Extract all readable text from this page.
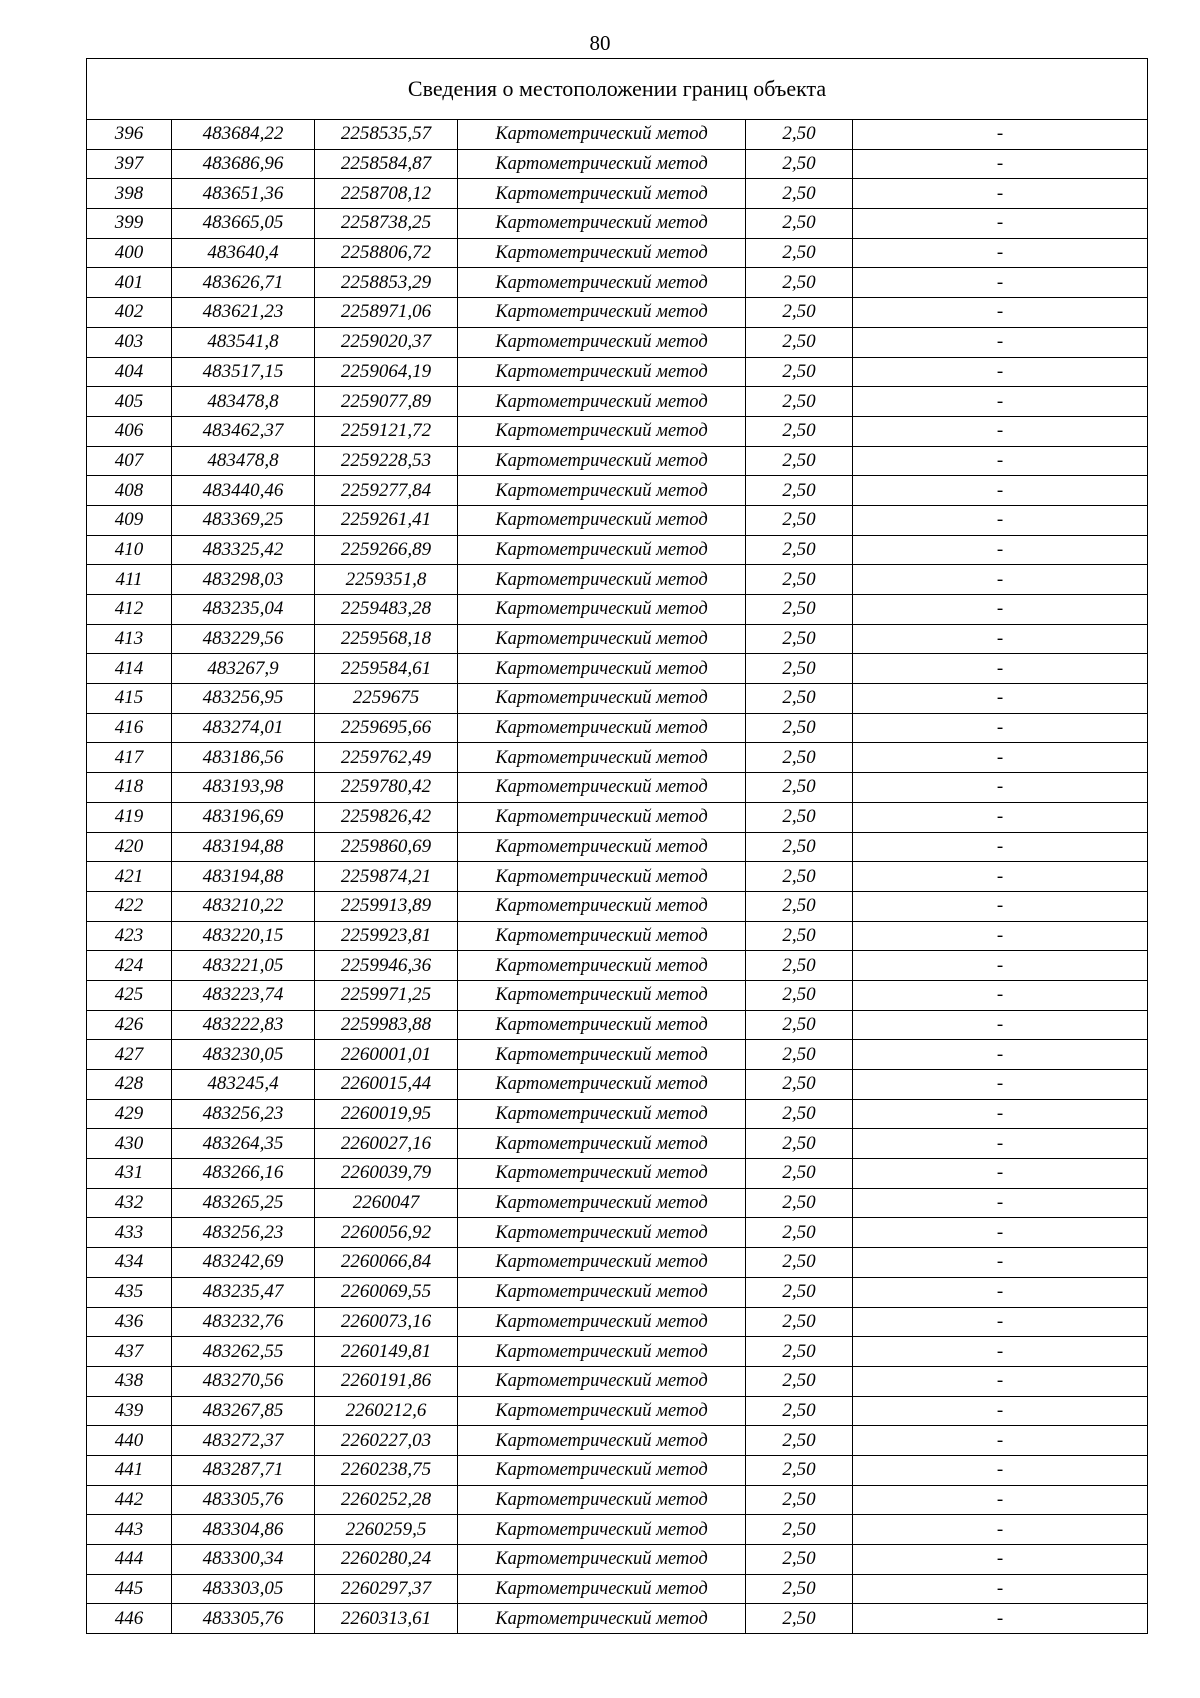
80
Сведения о местоположении границ объекта					
396	483684,22	2258535,57	Картометрический метод	2,50	-
397	483686,96	2258584,87	Картометрический метод	2,50	-
398	483651,36	2258708,12	Картометрический метод	2,50	-
399	483665,05	2258738,25	Картометрический метод	2,50	-
400	483640,4	2258806,72	Картометрический метод	2,50	-
401	483626,71	2258853,29	Картометрический метод	2,50	-
402	483621,23	2258971,06	Картометрический метод	2,50	-
403	483541,8	2259020,37	Картометрический метод	2,50	-
404	483517,15	2259064,19	Картометрический метод	2,50	-
405	483478,8	2259077,89	Картометрический метод	2,50	-
406	483462,37	2259121,72	Картометрический метод	2,50	-
407	483478,8	2259228,53	Картометрический метод	2,50	-
408	483440,46	2259277,84	Картометрический метод	2,50	-
409	483369,25	2259261,41	Картометрический метод	2,50	-
410	483325,42	2259266,89	Картометрический метод	2,50	-
411	483298,03	2259351,8	Картометрический метод	2,50	-
412	483235,04	2259483,28	Картометрический метод	2,50	-
413	483229,56	2259568,18	Картометрический метод	2,50	-
414	483267,9	2259584,61	Картометрический метод	2,50	-
415	483256,95	2259675	Картометрический метод	2,50	-
416	483274,01	2259695,66	Картометрический метод	2,50	-
417	483186,56	2259762,49	Картометрический метод	2,50	-
418	483193,98	2259780,42	Картометрический метод	2,50	-
419	483196,69	2259826,42	Картометрический метод	2,50	-
420	483194,88	2259860,69	Картометрический метод	2,50	-
421	483194,88	2259874,21	Картометрический метод	2,50	-
422	483210,22	2259913,89	Картометрический метод	2,50	-
423	483220,15	2259923,81	Картометрический метод	2,50	-
424	483221,05	2259946,36	Картометрический метод	2,50	-
425	483223,74	2259971,25	Картометрический метод	2,50	-
426	483222,83	2259983,88	Картометрический метод	2,50	-
427	483230,05	2260001,01	Картометрический метод	2,50	-
428	483245,4	2260015,44	Картометрический метод	2,50	-
429	483256,23	2260019,95	Картометрический метод	2,50	-
430	483264,35	2260027,16	Картометрический метод	2,50	-
431	483266,16	2260039,79	Картометрический метод	2,50	-
432	483265,25	2260047	Картометрический метод	2,50	-
433	483256,23	2260056,92	Картометрический метод	2,50	-
434	483242,69	2260066,84	Картометрический метод	2,50	-
435	483235,47	2260069,55	Картометрический метод	2,50	-
436	483232,76	2260073,16	Картометрический метод	2,50	-
437	483262,55	2260149,81	Картометрический метод	2,50	-
438	483270,56	2260191,86	Картометрический метод	2,50	-
439	483267,85	2260212,6	Картометрический метод	2,50	-
440	483272,37	2260227,03	Картометрический метод	2,50	-
441	483287,71	2260238,75	Картометрический метод	2,50	-
442	483305,76	2260252,28	Картометрический метод	2,50	-
443	483304,86	2260259,5	Картометрический метод	2,50	-
444	483300,34	2260280,24	Картометрический метод	2,50	-
445	483303,05	2260297,37	Картометрический метод	2,50	-
446	483305,76	2260313,61	Картометрический метод	2,50	-
